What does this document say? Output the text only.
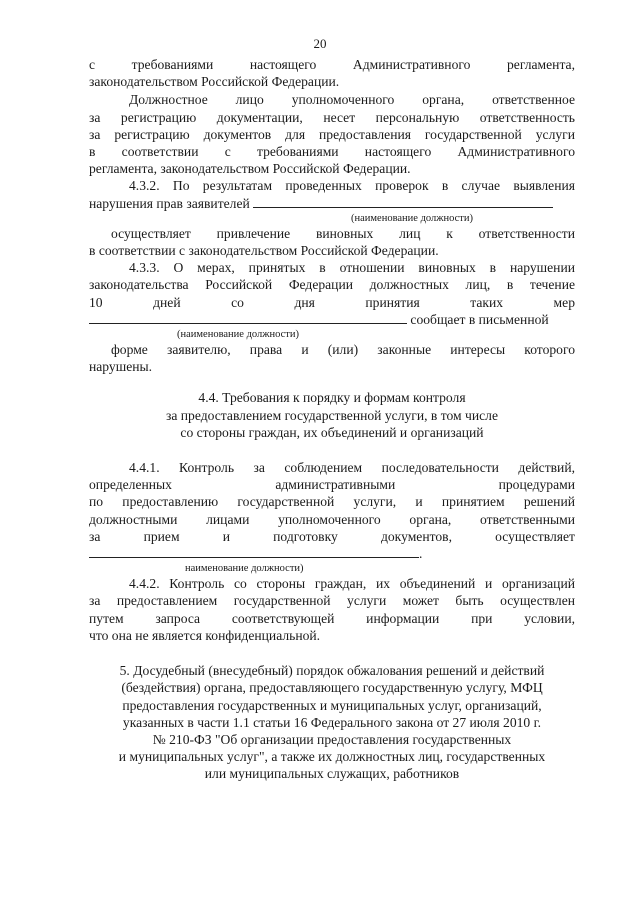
20

с требованиями настоящего Административного регламента,

законодательством Российской Федерации.

Должностное лицо уполномоченного органа, ответственное

за регистрацию документации, несет персональную ответственность

за регистрацию документов для предоставления государственной услуги

в соответствии с требованиями настоящего Административного

регламента, законодательством Российской Федерации.

4.3.2. По результатам проведенных проверок в случае выявления

нарушения прав заявителей

(наименование должности)

осуществляет привлечение виновных лиц к ответственности

в соответствии с законодательством Российской Федерации.

4.3.3. О мерах, принятых в отношении виновных в нарушении

законодательства Российской Федерации должностных лиц, в течение

10 дней со дня принятия таких мер

сообщает в письменной

(наименование должности)

форме заявителю, права и (или) законные интересы которого

нарушены.

4.4. Требования к порядку и формам контроля

за предоставлением государственной услуги, в том числе

со стороны граждан, их объединений и организаций

4.4.1. Контроль за соблюдением последовательности действий,

определенных административными процедурами

по предоставлению государственной услуги, и принятием решений

должностными лицами уполномоченного органа, ответственными

за прием и подготовку документов, осуществляет

.

наименование должности)

4.4.2. Контроль со стороны граждан, их объединений и организаций

за предоставлением государственной услуги может быть осуществлен

путем запроса соответствующей информации при условии,

что она не является конфиденциальной.

5. Досудебный (внесудебный) порядок обжалования решений и действий

(бездействия) органа, предоставляющего государственную услугу, МФЦ

предоставления государственных и муниципальных услуг, организаций,

указанных в части 1.1 статьи 16 Федерального закона от 27 июля 2010 г.

№ 210-ФЗ "Об организации предоставления государственных

и муниципальных услуг", а также их должностных лиц, государственных

или муниципальных служащих, работников
